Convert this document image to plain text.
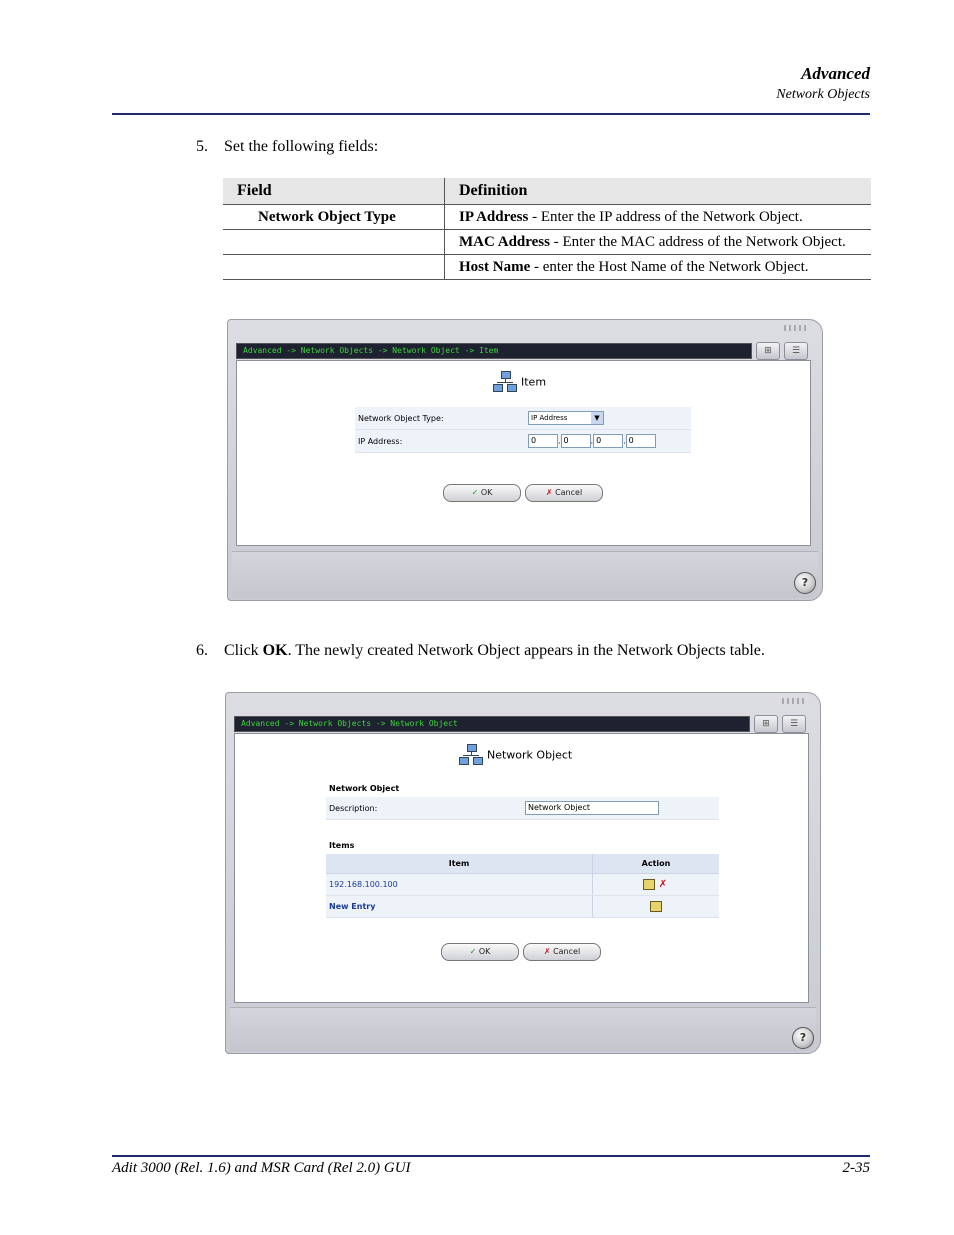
Advanced
Network Objects
5. Set the following fields:
Field	Definition
Network Object Type	IP Address - Enter the IP address of the Network Object.
	MAC Address - Enter the MAC address of the Network Object.
	Host Name - enter the Host Name of the Network Object.
Advanced -> Network Objects -> Network Object -> Item	⊞	☰
Item
Network Object Type:	IP Address ▼

IP Address:	0 . 0 . 0 . 0
✓ OK	✗ Cancel
?
6. Click OK. The newly created Network Object appears in the Network Objects table.
Advanced -> Network Objects -> Network Object	⊞	☰
Network Object
Network Object
Description:	Network Object
Items
Item	Action
192.168.100.100	✗
New Entry	
✓ OK	✗ Cancel
?
Adit 3000 (Rel. 1.6) and MSR Card (Rel 2.0) GUI	2-35
